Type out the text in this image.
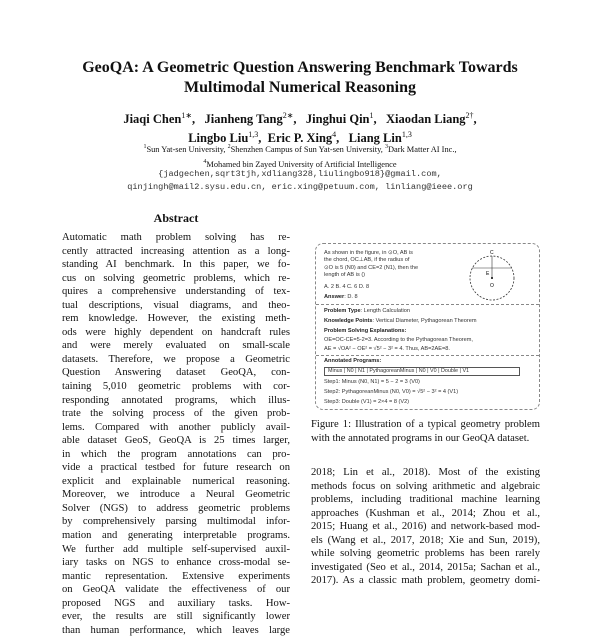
GeoQA: A Geometric Question Answering Benchmark Towards
Multimodal Numerical Reasoning
Jiaqi Chen$^{1∗}$,   Jianheng Tang$^{2∗}$,   Jinghui Qin$^1$,   Xiaodan Liang$^{2\dagger}$,
Lingbo Liu$^{1,3}$,  Eric P. Xing$^4$,   Liang Lin$^{1,3}$
$^1$Sun Yat-sen University, $^2$Shenzhen Campus of Sun Yat-sen University, $^3$Dark Matter AI Inc.,
$^4$Mohamed bin Zayed University of Artificial Intelligence
{jadgechen,sqrt3tjh,xdliang328,liulingbo918}@gmail.com,
qinjingh@mail2.sysu.edu.cn, eric.xing@petuum.com, linliang@ieee.org
Abstract
Automatic math problem solving has re-
cently attracted increasing attention as a long-
standing AI benchmark. In this paper, we fo-
cus on solving geometric problems, which re-
quires a comprehensive understanding of tex-
tual descriptions, visual diagrams, and theo-
rem knowledge. However, the existing meth-
ods were highly dependent on handcraft rules
and were merely evaluated on small-scale
datasets. Therefore, we propose a Geometric
Question Answering dataset GeoQA, con-
taining 5,010 geometric problems with cor-
responding annotated programs, which illus-
trate the solving process of the given prob-
lems. Compared with another publicly avail-
able dataset GeoS, GeoQA is 25 times larger,
in which the program annotations can pro-
vide a practical testbed for future research on
explicit and explainable numerical reasoning.
Moreover, we introduce a Neural Geometric
Solver (NGS) to address geometric problems
by comprehensively parsing multimodal infor-
mation and generating interpretable programs.
We further add multiple self-supervised auxil-
iary tasks on NGS to enhance cross-modal se-
mantic representation. Extensive experiments
on GeoQA validate the effectiveness of our
proposed NGS and auxiliary tasks. How-
ever, the results are still significantly lower
than human performance, which leaves large
As shown in the figure, in ⊙O, AB is
the chord, OC⊥AB, if the radius of
⊙O is 5 (N0) and CE=2 (N1), then the
length of AB is ()
A. 2 B. 4 C. 6 D. 8
Answer: D. 8
C
E
O
Problem Type: Length Calculation
Knowledge Points: Vertical Diameter, Pythagorean Theorem
Problem Solving Explanations:
OE=OC-CE=5-2=3. According to the Pythagorean Theorem,
AE = √OA² − OE² = √5² − 3² = 4. Thus, AB=2AE=8.
Annotated Programs:
Minus | N0 | N1 | PythagoreanMinus | N0 | V0 | Double | V1
Step1: Minus (N0, N1) = 5 − 2 = 3 (V0)
Step2: PythagoreanMinus (N0, V0) = √5² − 3² = 4 (V1)
Step3: Double (V1) = 2×4 = 8 (V2)
Figure 1: Illustration of a typical geometry problem
with the annotated programs in our GeoQA dataset.
2018; Lin et al., 2018). Most of the existing
methods focus on solving arithmetic and algebraic
problems, including traditional machine learning
approaches (Kushman et al., 2014; Zhou et al.,
2015; Huang et al., 2016) and network-based mod-
els (Wang et al., 2017, 2018; Xie and Sun, 2019),
while solving geometric problems has been rarely
investigated (Seo et al., 2014, 2015a; Sachan et al.,
2017). As a classic math problem, geometry domi-
